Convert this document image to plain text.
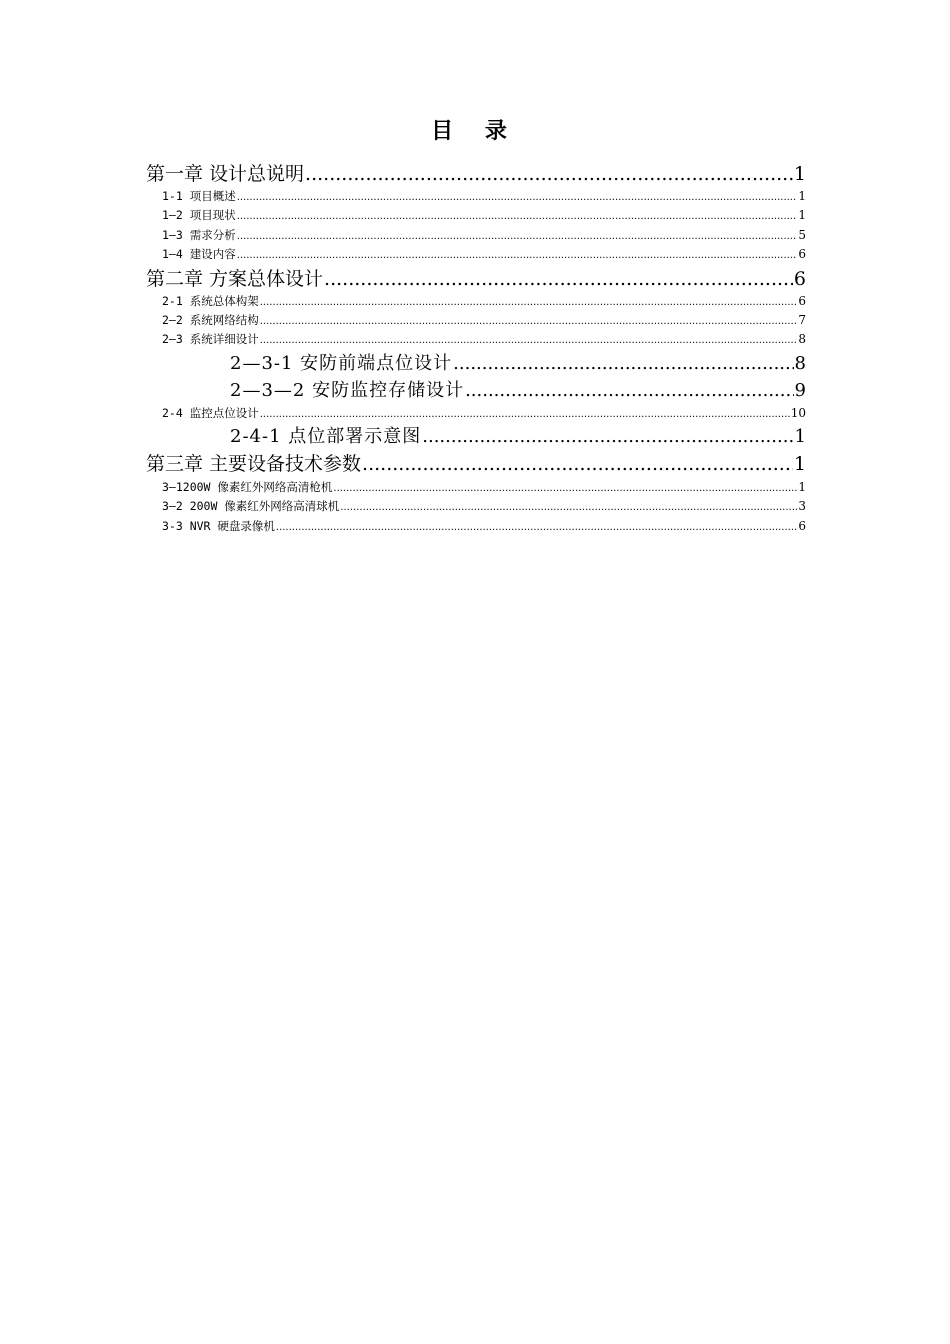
目 录
第一章 设计总说明 .....	1
1-1 项目概述 .....	1
1—2 项目现状 .....	1
1—3 需求分析 .....	5
1—4 建设内容 .....	6
第二章 方案总体设计 .....	6
2-1 系统总体构架 .....	6
2—2 系统网络结构 .....	7
2—3 系统详细设计 .....	8
2—3-1 安防前端点位设计 .....	8
2—3—2 安防监控存储设计 .....	9
2-4 监控点位设计 .....	10
2-4-1 点位部署示意图 .....	1
第三章 主要设备技术参数 .....	1
3—1200W 像素红外网络高清枪机 .....	1
3—2 200W 像素红外网络高清球机 .....	3
3-3 NVR 硬盘录像机 .....	6
